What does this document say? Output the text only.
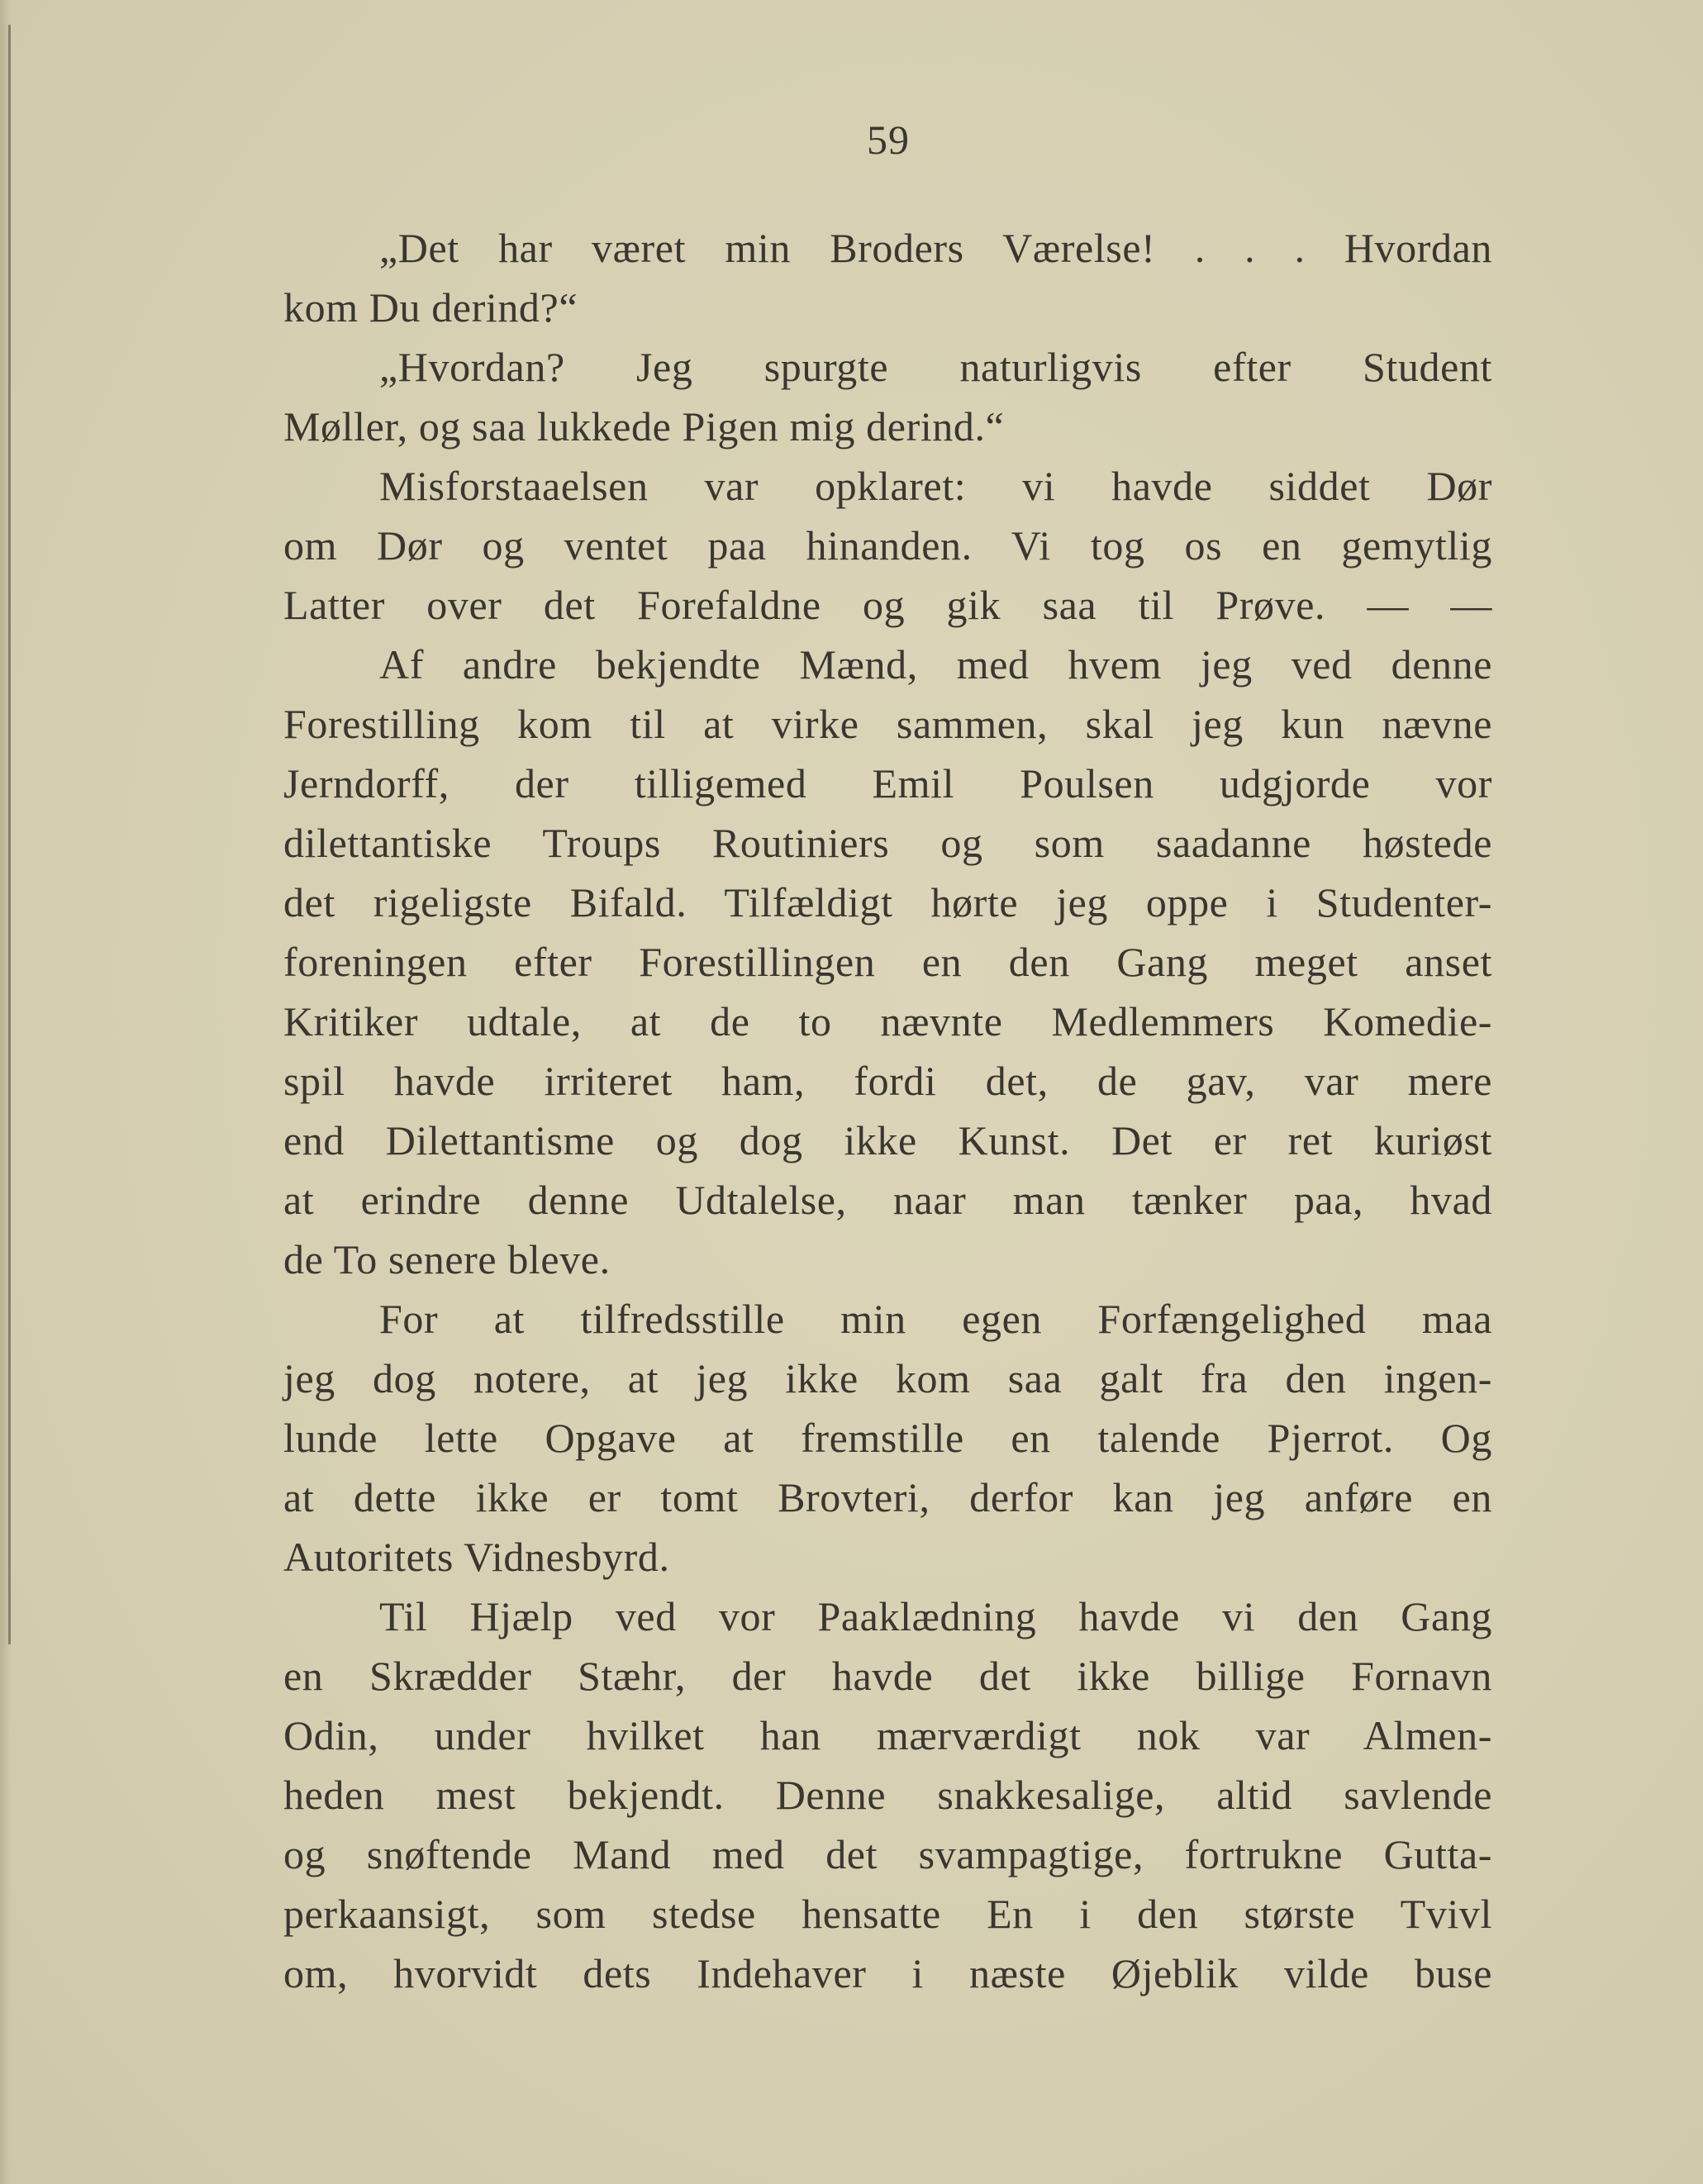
59
„Det har været min Broders Værelse! . . . Hvordan
kom Du derind?“
„Hvordan? Jeg spurgte naturligvis efter Student
Møller, og saa lukkede Pigen mig derind.“
Misforstaaelsen var opklaret: vi havde siddet Dør
om Dør og ventet paa hinanden. Vi tog os en gemytlig
Latter over det Forefaldne og gik saa til Prøve. — —
Af andre bekjendte Mænd, med hvem jeg ved denne
Forestilling kom til at virke sammen, skal jeg kun nævne
Jerndorff, der tilligemed Emil Poulsen udgjorde vor
dilettantiske Troups Routiniers og som saadanne høstede
det rigeligste Bifald. Tilfældigt hørte jeg oppe i Studenter-
foreningen efter Forestillingen en den Gang meget anset
Kritiker udtale, at de to nævnte Medlemmers Komedie-
spil havde irriteret ham, fordi det, de gav, var mere
end Dilettantisme og dog ikke Kunst. Det er ret kuriøst
at erindre denne Udtalelse, naar man tænker paa, hvad
de To senere bleve.
For at tilfredsstille min egen Forfængelighed maa
jeg dog notere, at jeg ikke kom saa galt fra den ingen-
lunde lette Opgave at fremstille en talende Pjerrot. Og
at dette ikke er tomt Brovteri, derfor kan jeg anføre en
Autoritets Vidnesbyrd.
Til Hjælp ved vor Paaklædning havde vi den Gang
en Skrædder Stæhr, der havde det ikke billige Fornavn
Odin, under hvilket han mærværdigt nok var Almen-
heden mest bekjendt. Denne snakkesalige, altid savlende
og snøftende Mand med det svampagtige, fortrukne Gutta-
perkaansigt, som stedse hensatte En i den største Tvivl
om, hvorvidt dets Indehaver i næste Øjeblik vilde buse
